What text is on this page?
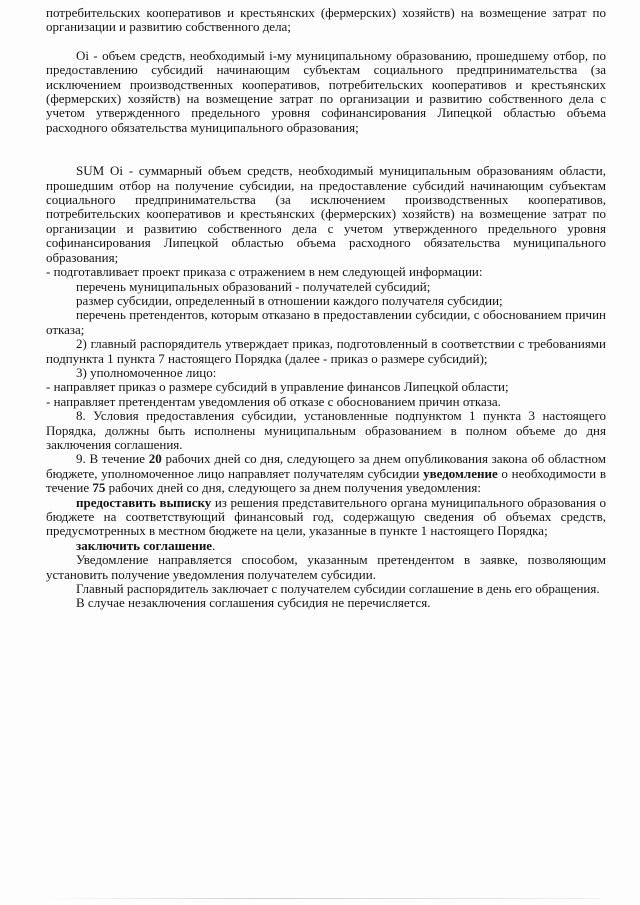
потребительских кооперативов и крестьянских (фермерских) хозяйств) на возмещение затрат по организации и развитию собственного дела;

Оi - объем средств, необходимый i-му муниципальному образованию, прошедшему отбор, по предоставлению субсидий начинающим субъектам социального предпринимательства (за исключением производственных кооперативов, потребительских кооперативов и крестьянских (фермерских) хозяйств) на возмещение затрат по организации и развитию собственного дела с учетом утвержденного предельного уровня софинансирования Липецкой областью объема расходного обязательства муниципального образования;

SUM Оi - суммарный объем средств, необходимый муниципальным образованиям области, прошедшим отбор на получение субсидии, на предоставление субсидий начинающим субъектам социального предпринимательства (за исключением производственных кооперативов, потребительских кооперативов и крестьянских (фермерских) хозяйств) на возмещение затрат по организации и развитию собственного дела с учетом утвержденного предельного уровня софинансирования Липецкой областью объема расходного обязательства муниципального образования;

- подготавливает проект приказа с отражением в нем следующей информации:

перечень муниципальных образований - получателей субсидий;

размер субсидии, определенный в отношении каждого получателя субсидии;

перечень претендентов, которым отказано в предоставлении субсидии, с обоснованием причин отказа;

2) главный распорядитель утверждает приказ, подготовленный в соответствии с требованиями подпункта 1 пункта 7 настоящего Порядка (далее - приказ о размере субсидий);

3) уполномоченное лицо:

- направляет приказ о размере субсидий в управление финансов Липецкой области;

- направляет претендентам уведомления об отказе с обоснованием причин отказа.

8. Условия предоставления субсидии, установленные подпунктом 1 пункта 3 настоящего Порядка, должны быть исполнены муниципальным образованием в полном объеме до дня заключения соглашения.

9. В течение 20 рабочих дней со дня, следующего за днем опубликования закона об областном бюджете, уполномоченное лицо направляет получателям субсидии уведомление о необходимости в течение 75 рабочих дней со дня, следующего за днем получения уведомления:

предоставить выписку из решения представительного органа муниципального образования о бюджете на соответствующий финансовый год, содержащую сведения об объемах средств, предусмотренных в местном бюджете на цели, указанные в пункте 1 настоящего Порядка;

заключить соглашение.

Уведомление направляется способом, указанным претендентом в заявке, позволяющим установить получение уведомления получателем субсидии.

Главный распорядитель заключает с получателем субсидии соглашение в день его обращения.

В случае незаключения соглашения субсидия не перечисляется.
